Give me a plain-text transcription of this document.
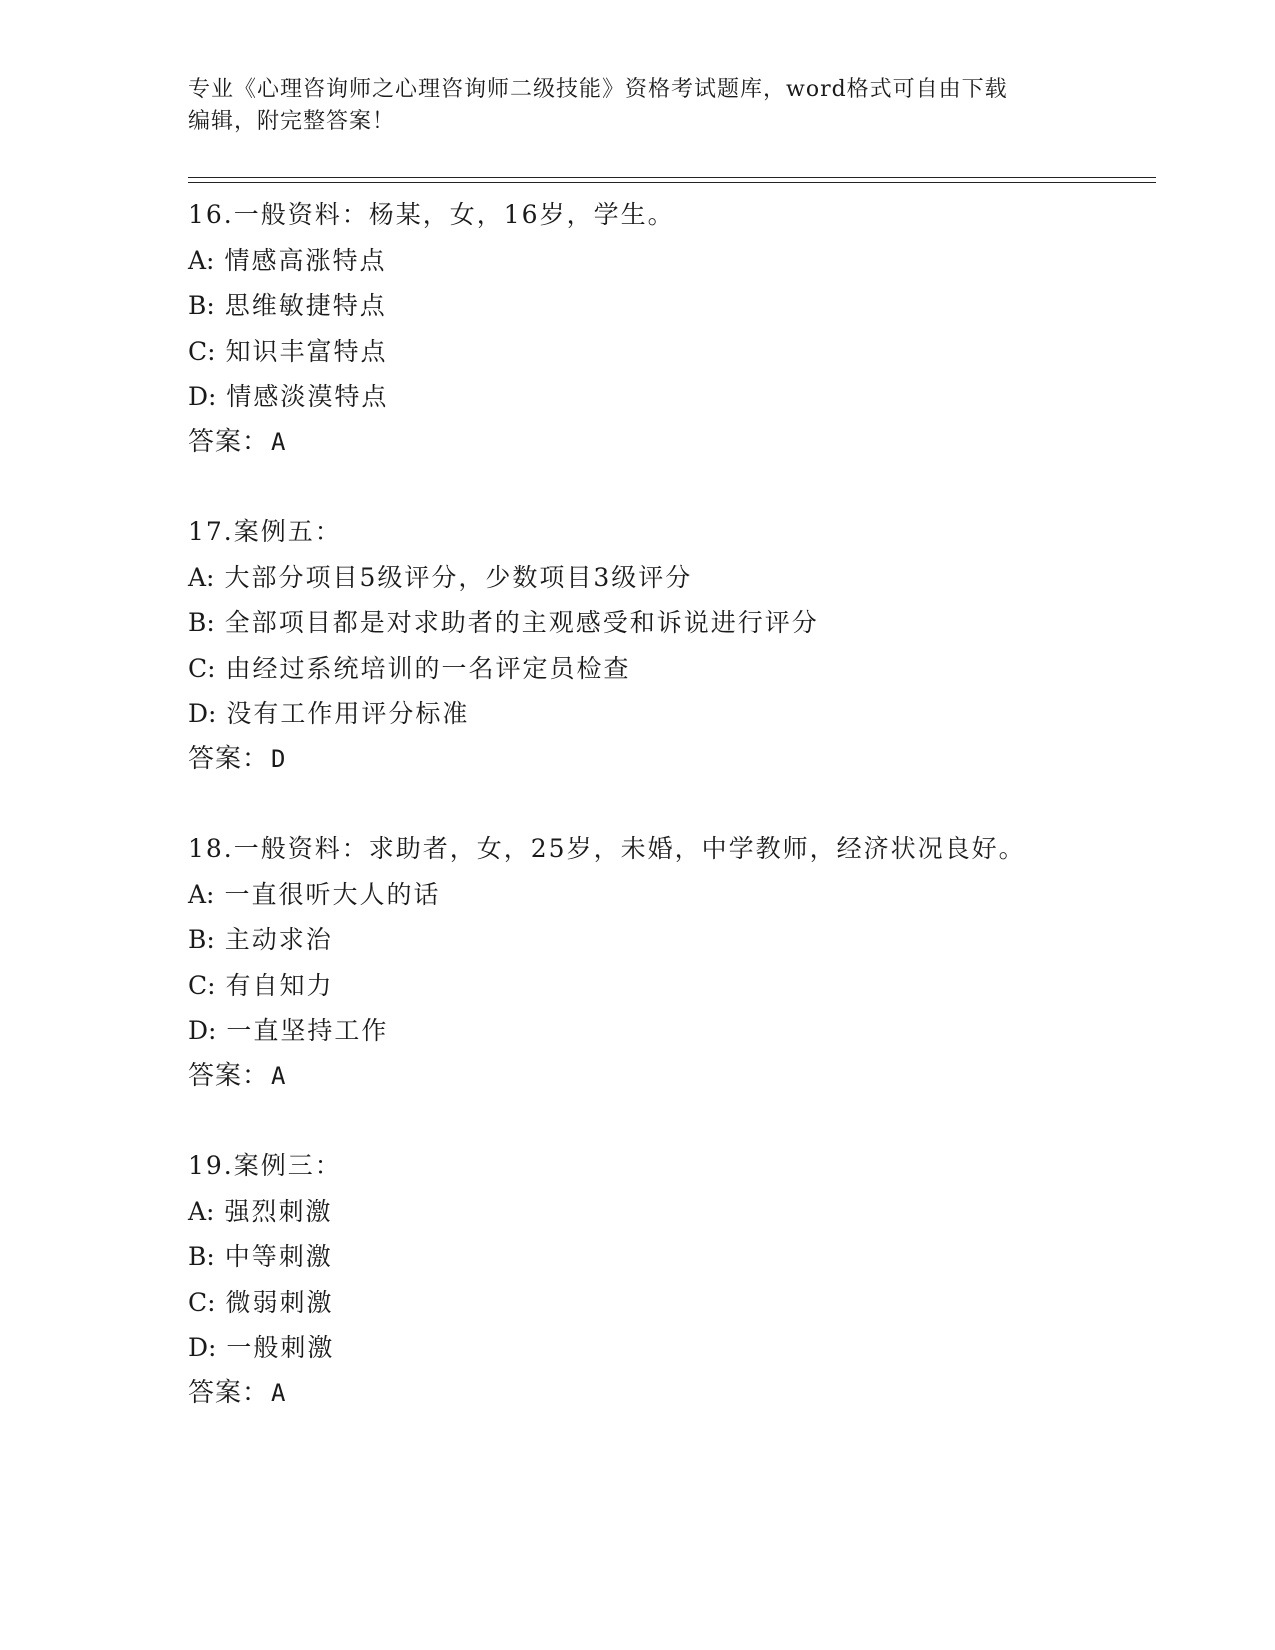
专业《心理咨询师之心理咨询师二级技能》资格考试题库，word格式可自由下载
编辑，附完整答案！
16.一般资料：杨某，女，16岁，学生。
A: 情感高涨特点
B: 思维敏捷特点
C: 知识丰富特点
D: 情感淡漠特点
答案：A
17.案例五：
A: 大部分项目5级评分，少数项目3级评分
B: 全部项目都是对求助者的主观感受和诉说进行评分
C: 由经过系统培训的一名评定员检查
D: 没有工作用评分标准
答案：D
18.一般资料：求助者，女，25岁，未婚，中学教师，经济状况良好。
A: 一直很听大人的话
B: 主动求治
C: 有自知力
D: 一直坚持工作
答案：A
19.案例三：
A: 强烈刺激
B: 中等刺激
C: 微弱刺激
D: 一般刺激
答案：A
